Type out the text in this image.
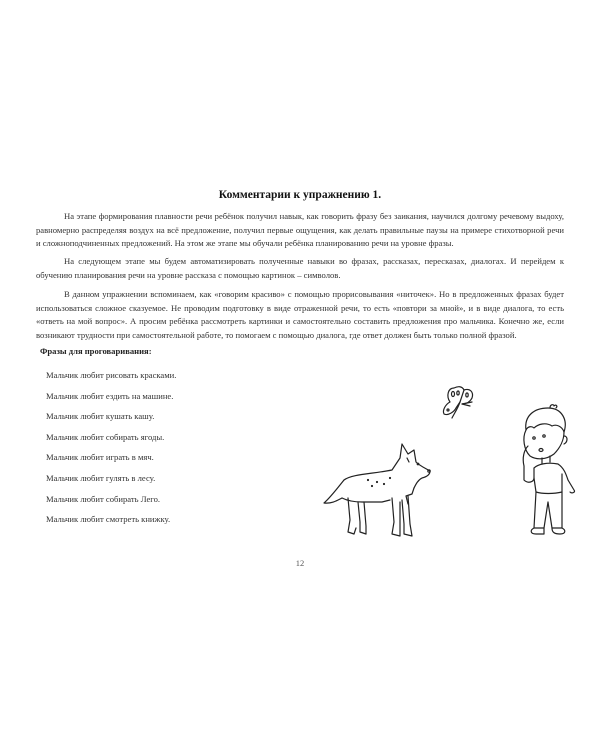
Комментарии к упражнению 1.

На этапе формирования плавности речи ребёнок получил навык, как говорить фразу без заикания, научился долгому речевому выдоху, равномерно распределяя воздух на всё предложение, получил первые ощущения, как делать правильные паузы на примере стихотворной речи и сложноподчиненных предложений. На этом же этапе мы обучали ребёнка планированию речи на уровне фразы.

На следующем этапе мы будем автоматизировать полученные навыки во фразах, рассказах, пересказах, диалогах. И перейдем к обучению планирования речи на уровне рассказа с помощью картинок – символов.

В данном упражнении вспоминаем, как «говорим красиво» с помощью прорисовывания «ниточек». Но в предложенных фразах будет использоваться сложное сказуемое. Не проводим подготовку в виде отраженной речи, то есть «повтори за мной», и в виде диалога, то есть «ответь на мой вопрос». А просим ребёнка рассмотреть картинки и самостоятельно составить предложения про мальчика. Конечно же, если возникают трудности при самостоятельной работе, то помогаем с помощью диалога, где ответ должен быть только полной фразой.

Фразы для проговаривания:
Мальчик любит рисовать красками.
Мальчик любит ездить на машине.
Мальчик любит кушать кашу.
Мальчик любит собирать ягоды.
Мальчик любит играть в мяч.
Мальчик любит гулять в лесу.
Мальчик любит собирать Лего.
Мальчик любит смотреть книжку.
12
